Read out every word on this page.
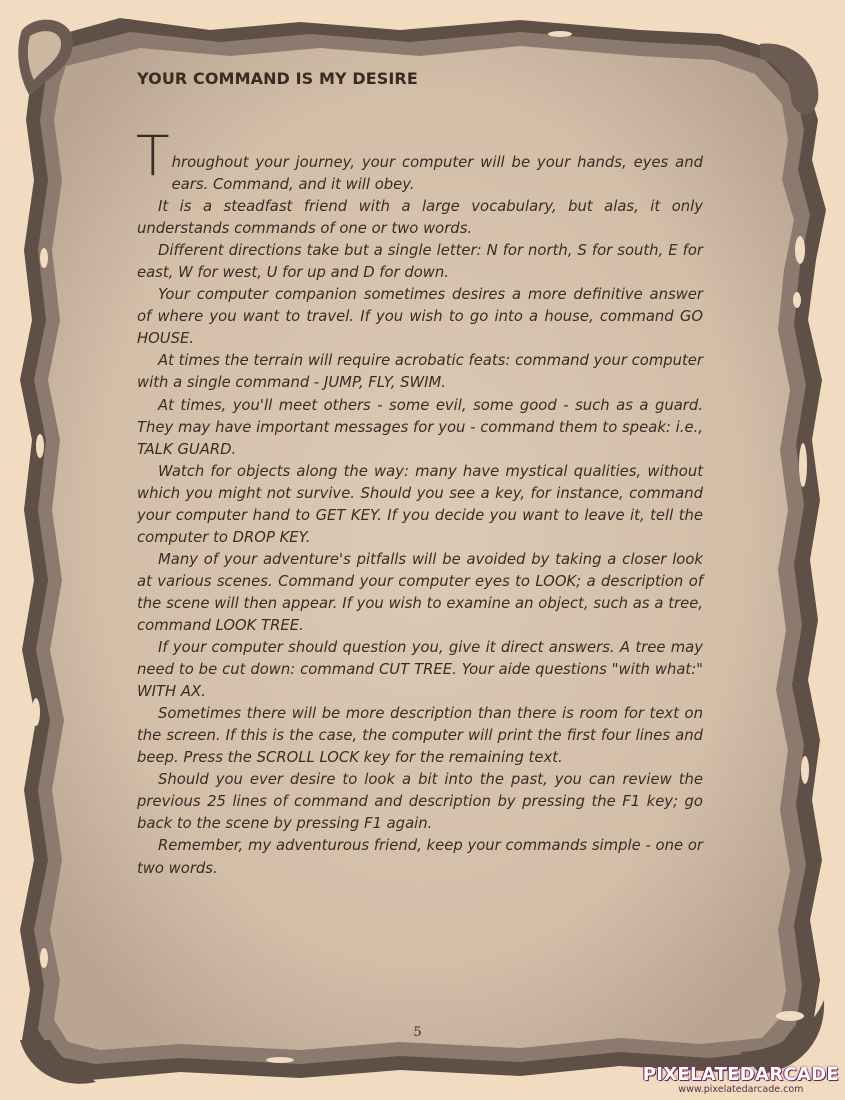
YOUR COMMAND IS MY DESIRE

Throughout your journey, your computer will be your hands, eyes and ears. Command, and it will obey.

It is a steadfast friend with a large vocabulary, but alas, it only understands commands of one or two words.

Different directions take but a single letter: N for north, S for south, E for east, W for west, U for up and D for down.

Your computer companion sometimes desires a more definitive answer of where you want to travel. If you wish to go into a house, command GO HOUSE.

At times the terrain will require acrobatic feats: command your computer with a single command - JUMP, FLY, SWIM.

At times, you'll meet others - some evil, some good - such as a guard. They may have important messages for you - command them to speak: i.e., TALK GUARD.

Watch for objects along the way: many have mystical qualities, without which you might not survive. Should you see a key, for instance, command your computer hand to GET KEY. If you decide you want to leave it, tell the computer to DROP KEY.

Many of your adventure's pitfalls will be avoided by taking a closer look at various scenes. Command your computer eyes to LOOK; a description of the scene will then appear. If you wish to examine an object, such as a tree, command LOOK TREE.

If your computer should question you, give it direct answers. A tree may need to be cut down: command CUT TREE. Your aide questions "with what:" WITH AX.

Sometimes there will be more description than there is room for text on the screen. If this is the case, the computer will print the first four lines and beep. Press the SCROLL LOCK key for the remaining text.

Should you ever desire to look a bit into the past, you can review the previous 25 lines of command and description by pressing the F1 key; go back to the scene by pressing F1 again.

Remember, my adventurous friend, keep your commands simple - one or two words.

5
PIXELATEDARCADE
www.pixelatedarcade.com
